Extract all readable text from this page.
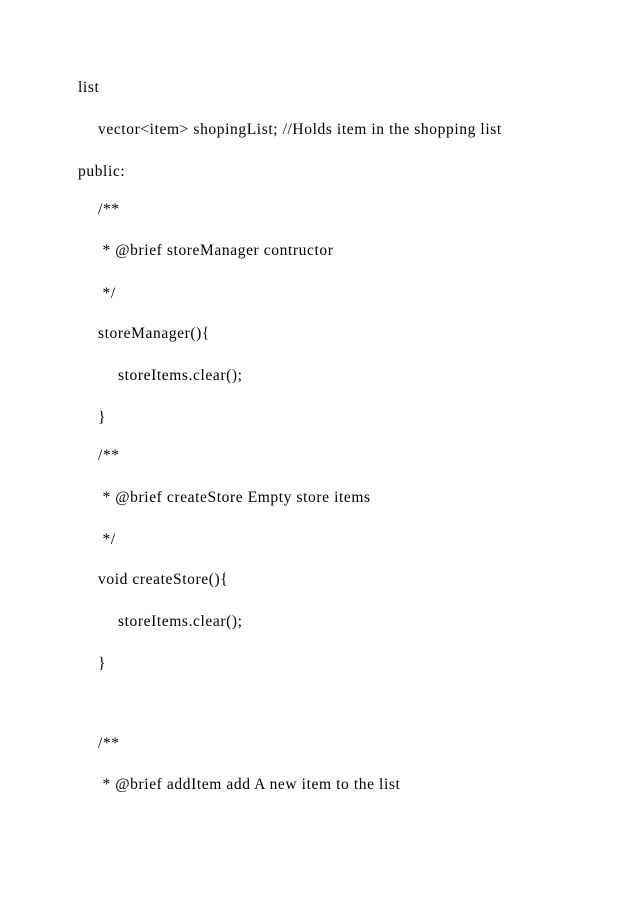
list
vector<item> shopingList; //Holds item in the shopping list
public:
/**
* @brief storeManager contructor
*/
storeManager(){
storeItems.clear();
}
/**
* @brief createStore Empty store items
*/
void createStore(){
storeItems.clear();
}
/**
* @brief addItem add A new item to the list
